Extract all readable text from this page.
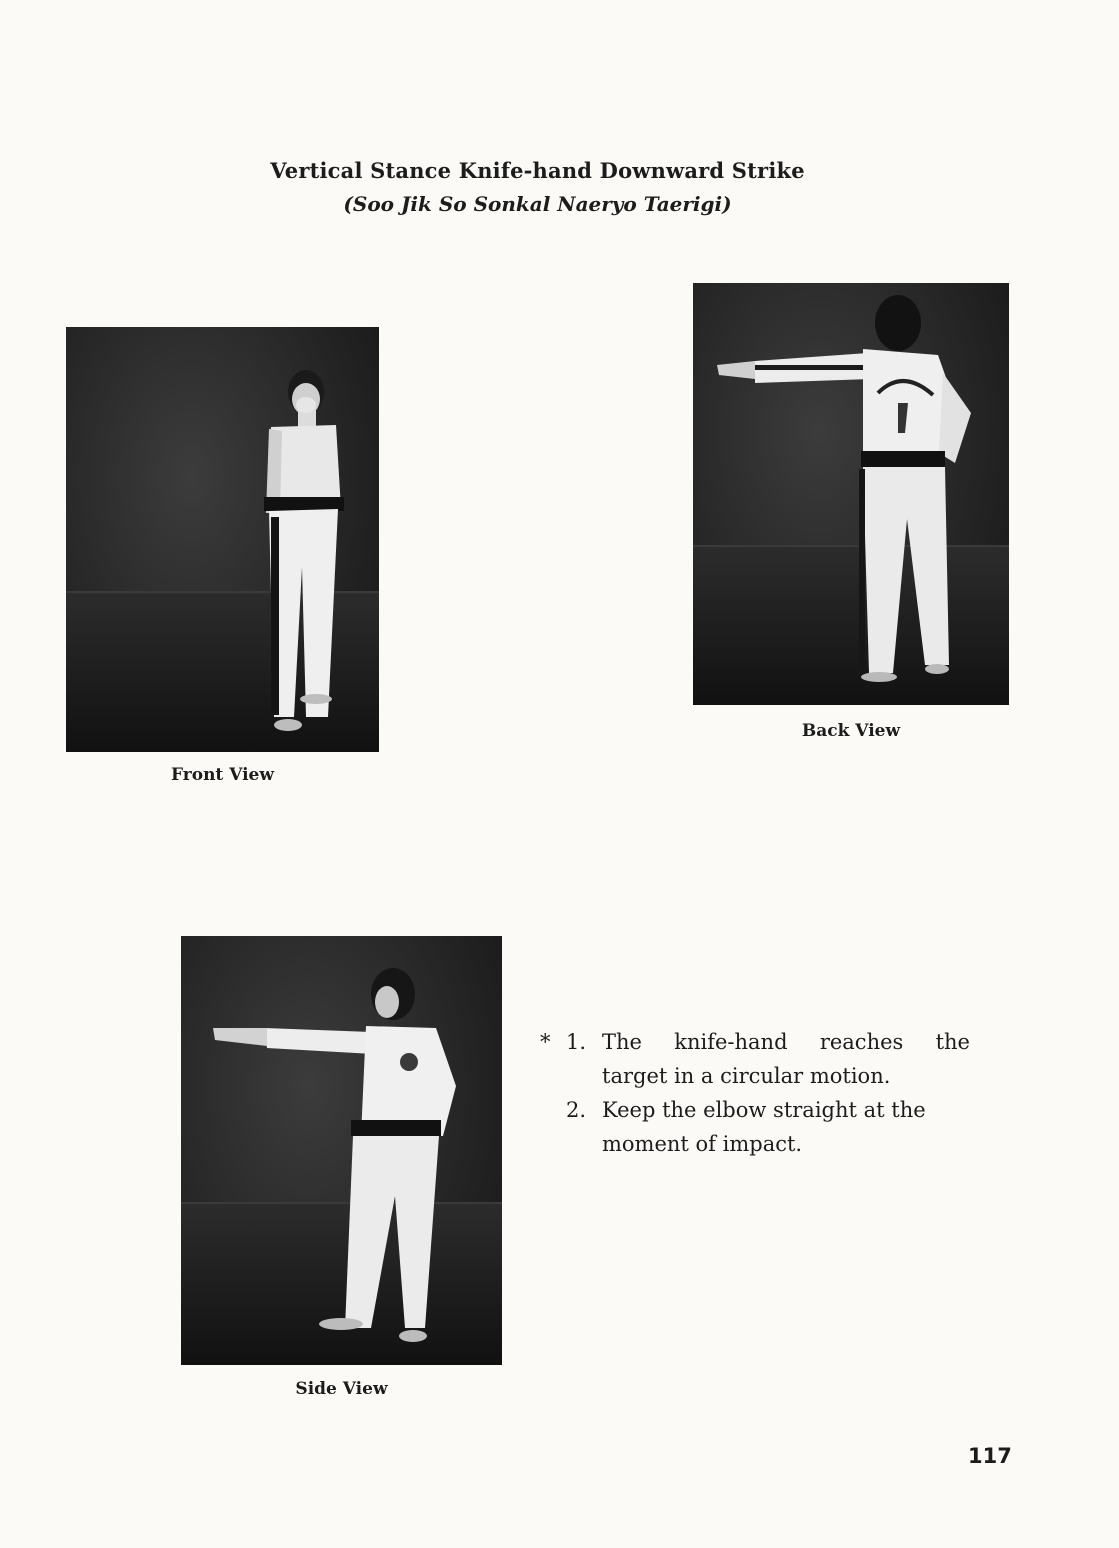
Vertical Stance Knife-hand Downward Strike
(Soo Jik So Sonkal Naeryo Taerigi)
Front View
Back View
Side View
* 1. The knife-hand reaches the
target in a circular motion.
2. Keep the elbow straight at the
moment of impact.
117
